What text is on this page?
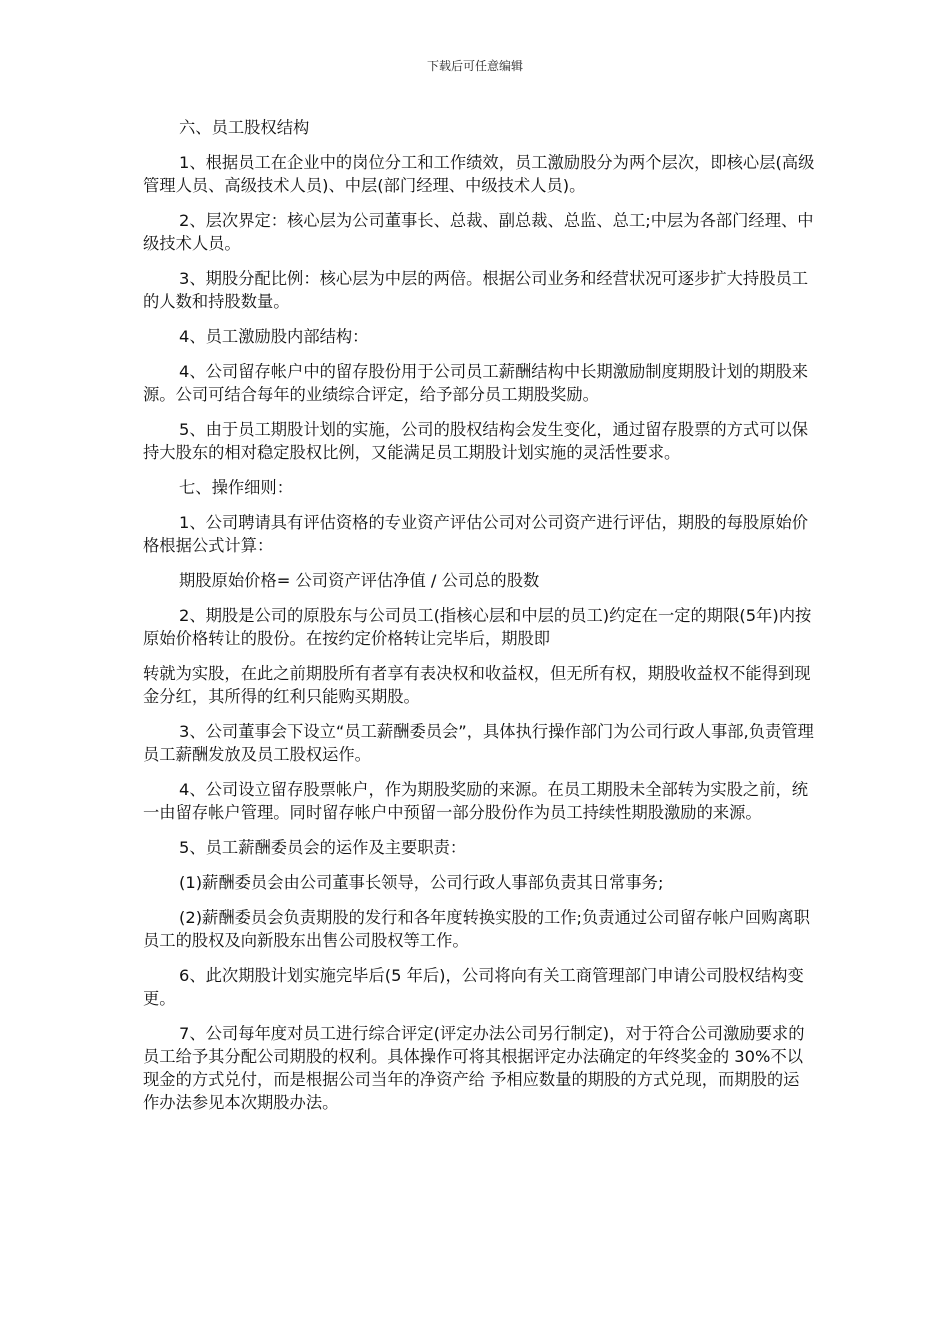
下载后可任意编辑

六、员工股权结构

1、根据员工在企业中的岗位分工和工作绩效，员工激励股分为两个层次，即核心层(高级管理人员、高级技术人员)、中层(部门经理、中级技术人员)。

2、层次界定：核心层为公司董事长、总裁、副总裁、总监、总工;中层为各部门经理、中级技术人员。

3、期股分配比例：核心层为中层的两倍。根据公司业务和经营状况可逐步扩大持股员工的人数和持股数量。

4、员工激励股内部结构：

4、公司留存帐户中的留存股份用于公司员工薪酬结构中长期激励制度期股计划的期股来源。公司可结合每年的业绩综合评定，给予部分员工期股奖励。

5、由于员工期股计划的实施，公司的股权结构会发生变化，通过留存股票的方式可以保持大股东的相对稳定股权比例，又能满足员工期股计划实施的灵活性要求。

七、操作细则：

1、公司聘请具有评估资格的专业资产评估公司对公司资产进行评估，期股的每股原始价格根据公式计算：

期股原始价格= 公司资产评估净值 / 公司总的股数

2、期股是公司的原股东与公司员工(指核心层和中层的员工)约定在一定的期限(5年)内按原始价格转让的股份。在按约定价格转让完毕后，期股即

转就为实股，在此之前期股所有者享有表决权和收益权，但无所有权，期股收益权不能得到现金分红，其所得的红利只能购买期股。

3、公司董事会下设立“员工薪酬委员会”，具体执行操作部门为公司行政人事部,负责管理员工薪酬发放及员工股权运作。

4、公司设立留存股票帐户，作为期股奖励的来源。在员工期股未全部转为实股之前，统一由留存帐户管理。同时留存帐户中预留一部分股份作为员工持续性期股激励的来源。

5、员工薪酬委员会的运作及主要职责：

(1)薪酬委员会由公司董事长领导，公司行政人事部负责其日常事务;

(2)薪酬委员会负责期股的发行和各年度转换实股的工作;负责通过公司留存帐户回购离职员工的股权及向新股东出售公司股权等工作。

6、此次期股计划实施完毕后(5 年后)，公司将向有关工商管理部门申请公司股权结构变更。

7、公司每年度对员工进行综合评定(评定办法公司另行制定)，对于符合公司激励要求的员工给予其分配公司期股的权利。具体操作可将其根据评定办法确定的年终奖金的 30%不以现金的方式兑付，而是根据公司当年的净资产给 予相应数量的期股的方式兑现，而期股的运作办法参见本次期股办法。
